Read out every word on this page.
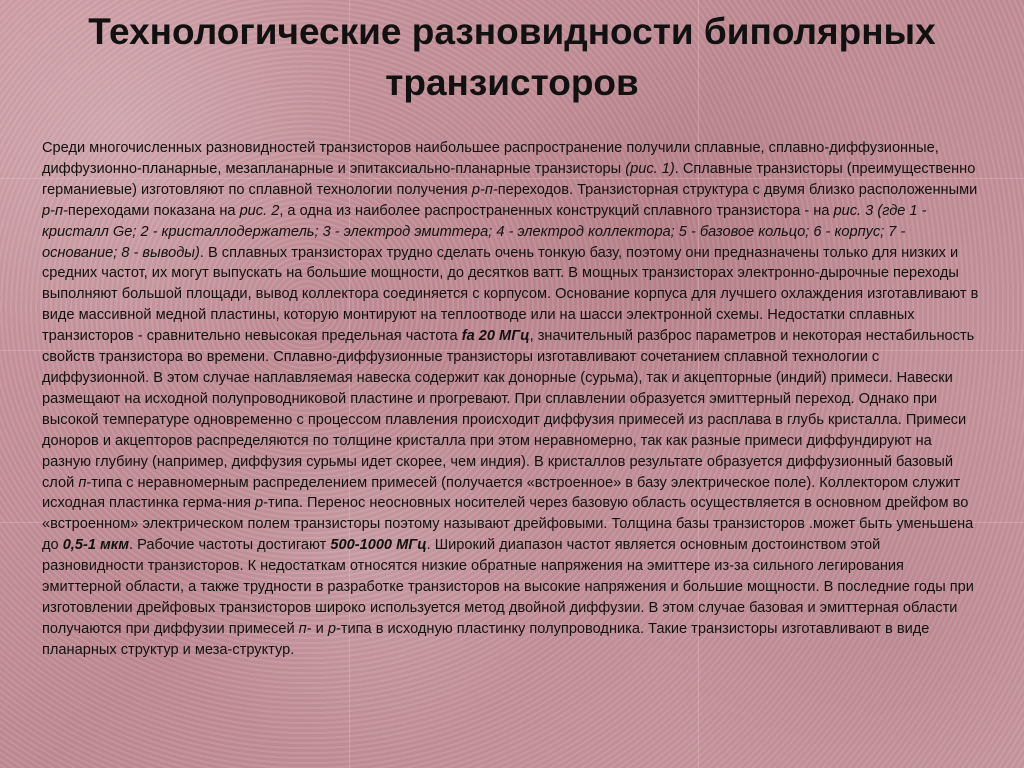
Технологические разновидности биполярных
транзисторов

Среди многочисленных разновидностей транзисторов наибольшее распространение получили сплавные, сплавно-диффузионные, диффузионно-планарные, мезапланарные и эпитаксиально-планарные транзисторы (рис. 1). Сплавные транзисторы (преимущественно германиевые) изготовляют по сплавной технологии получения р-п-переходов. Транзисторная структура с двумя близко расположенными р-п-переходами показана на рис. 2, а одна из наиболее распространенных конструкций сплавного транзистора - на рис. 3 (где 1 - кристалл Ge; 2 - кристаллодержатель; 3 - электрод эмиттера; 4 - электрод коллектора; 5 - базовое кольцо; 6 - корпус; 7 - основание; 8 - выводы). В сплавных транзисторах трудно сделать очень тонкую базу, поэтому они предназначены только для низких и средних частот, их могут выпускать на большие мощности, до десятков ватт. В мощных транзисторах электронно-дырочные переходы выполняют большой площади, вывод коллектора соединяется с корпусом. Основание корпуса для лучшего охлаждения изготавливают в виде массивной медной пластины, которую монтируют на теплоотводе или на шасси электронной схемы. Недостатки сплавных транзисторов - сравнительно невысокая предельная частота fa 20 МГц, значительный разброс параметров и некоторая нестабильность свойств транзистора во времени. Сплавно-диффузионные транзисторы изготавливают сочетанием сплавной технологии с диффузионной. В этом случае наплавляемая навеска содержит как донорные (сурьма), так и акцепторные (индий) примеси. Навески размещают на исходной полупроводниковой пластине и прогревают. При сплавлении образуется эмиттерный переход. Однако при высокой температуре одновременно с процессом плавления происходит диффузия примесей из расплава в глубь кристалла. Примеси доноров и акцепторов распределяются по толщине кристалла при этом неравномерно, так как разные примеси диффундируют на разную глубину (например, диффузия сурьмы идет скорее, чем индия). В кристаллов результате образуется диффузионный базовый слой п-типа с неравномерным распределением примесей (получается «встроенное» в базу электрическое поле). Коллектором служит исходная пластинка герма-ния р-типа. Перенос неосновных носителей через базовую область осуществляется в основном дрейфом во «встроенном» электрическом полем транзисторы поэтому называют дрейфовыми. Толщина базы транзисторов .может быть уменьшена до 0,5-1 мкм. Рабочие частоты достигают 500-1000 МГц. Широкий диапазон частот является основным достоинством этой разновидности транзисторов. К недостаткам относятся низкие обратные напряжения на эмиттере из-за сильного легирования эмиттерной области, а также трудности в разработке транзисторов на высокие напряжения и большие мощности. В последние годы при изготовлении дрейфовых транзисторов широко используется метод двойной диффузии. В этом случае базовая и эмиттерная области получаются при диффузии примесей п- и р-типа в исходную пластинку полупроводника. Такие транзисторы изготавливают в виде планарных структур и меза-структур.
